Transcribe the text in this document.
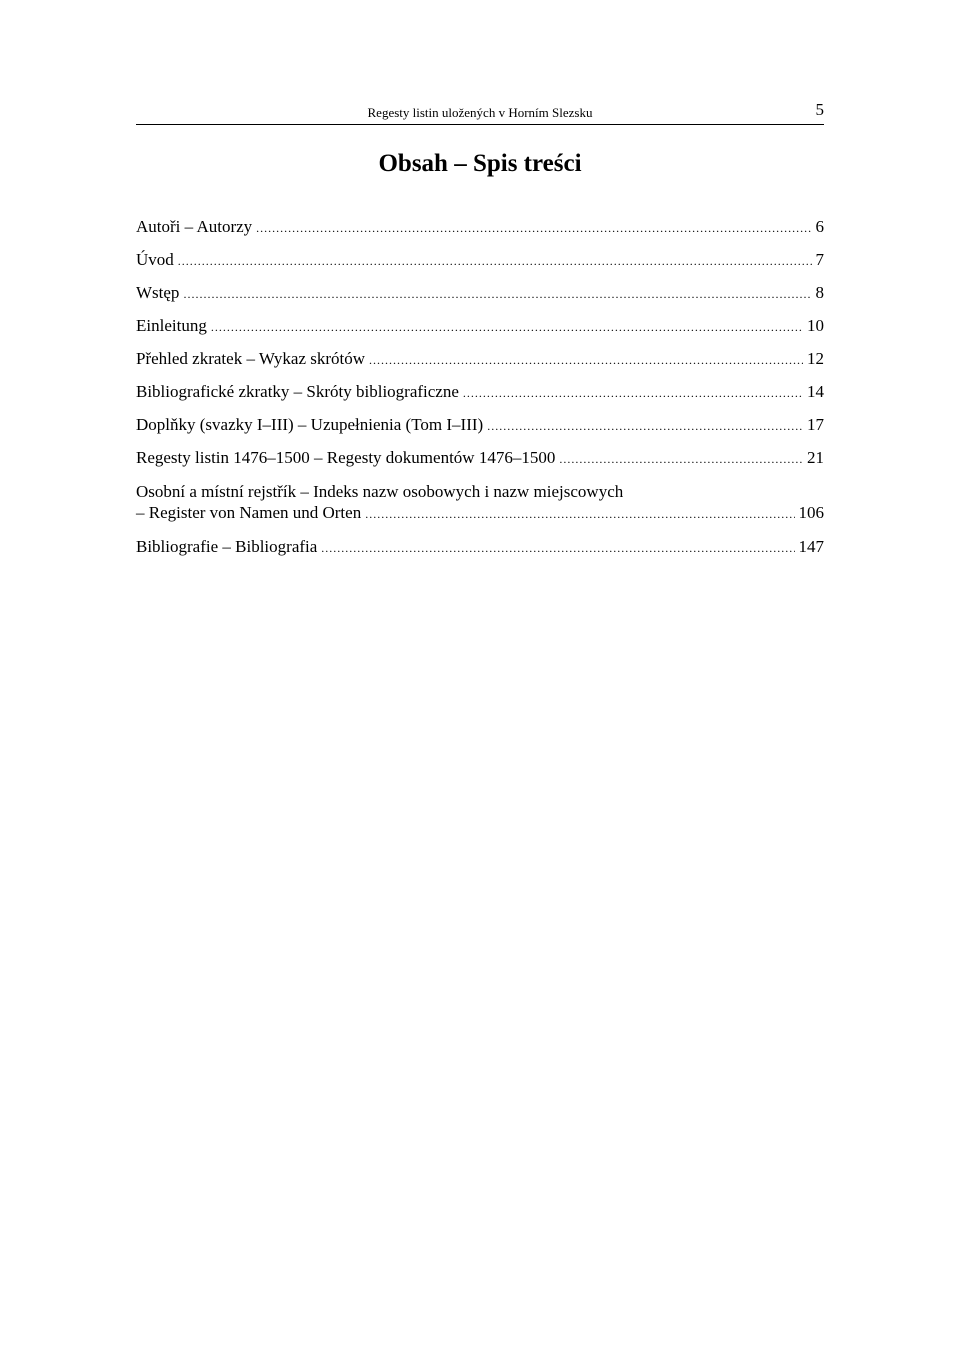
Regesty listin uložených v Horním Slezsku	5
Obsah – Spis treści
Autoři – Autorzy .....	6
Úvod .....	7
Wstęp .....	8
Einleitung .....	10
Přehled zkratek – Wykaz skrótów .....	12
Bibliografické zkratky – Skróty bibliograficzne .....	14
Doplňky (svazky I–III) – Uzupełnienia (Tom I–III) .....	17
Regesty listin 1476–1500 – Regesty dokumentów 1476–1500 .....	21
Osobní a místní rejstřík – Indeks nazw osobowych i nazw miejscowych
– Register von Namen und Orten .....	106
Bibliografie – Bibliografia .....	147
